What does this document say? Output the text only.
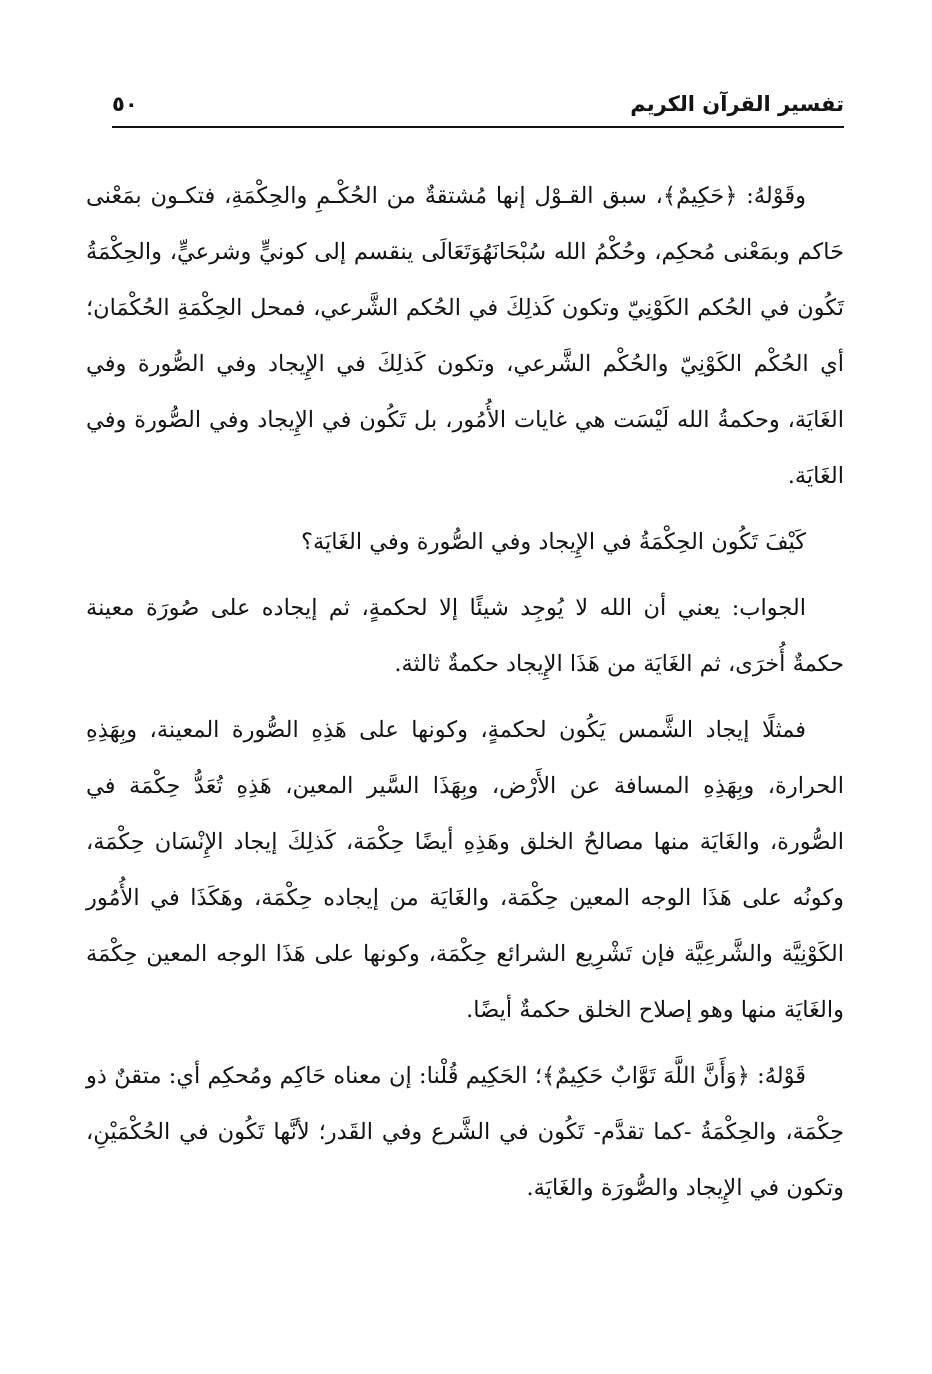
تفسير القرآن الكريم
٥٠

وقَوْلهُ: ﴿حَكِيمٌ﴾، سبق القـوْل إنها مُشتقةٌ من الحُكْـمِ والحِكْمَةِ، فتكـون بمَعْنى حَاكم وبمَعْنى مُحكِم، وحُكْمُ الله سُبْحَانَهُوَتَعَالَى ينقسم إلى كونيٍّ وشرعيٍّ، والحِكْمَةُ تَكُون في الحُكم الكَوْنِيّ وتكون كَذلِكَ في الحُكم الشَّرعي، فمحل الحِكْمَةِ الحُكْمَان؛ أي الحُكْم الكَوْنِيّ والحُكْم الشَّرعي، وتكون كَذلِكَ في الإِيجاد وفي الصُّورة وفي الغَايَة، وحكمةُ الله لَيْسَت هي غايات الأُمُور، بل تَكُون في الإِيجاد وفي الصُّورة وفي الغَايَة.

كَيْفَ تَكُون الحِكْمَةُ في الإِيجاد وفي الصُّورة وفي الغَايَة؟

الجواب: يعني أن الله لا يُوجِد شيئًا إلا لحكمةٍ، ثم إيجاده على صُورَة معينة حكمةٌ أُخرَى، ثم الغَايَة من هَذَا الإِيجاد حكمةٌ ثالثة.

فمثلًا إيجاد الشَّمس يَكُون لحكمةٍ، وكونها على هَذِهِ الصُّورة المعينة، وبِهَذِهِ الحرارة، وبِهَذِهِ المسافة عن الأَرْض، وبِهَذَا السَّير المعين، هَذِهِ تُعَدُّ حِكْمَة في الصُّورة، والغَايَة منها مصالحُ الخلق وهَذِهِ أيضًا حِكْمَة، كَذلِكَ إيجاد الإِنْسَان حِكْمَة، وكونُه على هَذَا الوجه المعين حِكْمَة، والغَايَة من إيجاده حِكْمَة، وهَكَذَا في الأُمُور الكَوْنِيَّة والشَّرعِيَّة فإن تَشْرِيع الشرائع حِكْمَة، وكونها على هَذَا الوجه المعين حِكْمَة والغَايَة منها وهو إصلاح الخلق حكمةٌ أيضًا.

قَوْلهُ: ﴿وَأَنَّ اللَّهَ تَوَّابٌ حَكِيمٌ﴾؛ الحَكِيم قُلْنا: إن معناه حَاكِم ومُحكِم أي: متقنٌ ذو حِكْمَة، والحِكْمَةُ -كما تقدَّم- تَكُون في الشَّرع وفي القَدر؛ لأنَّها تَكُون في الحُكْمَيْنِ، وتكون في الإِيجاد والصُّورَة والغَايَة.
